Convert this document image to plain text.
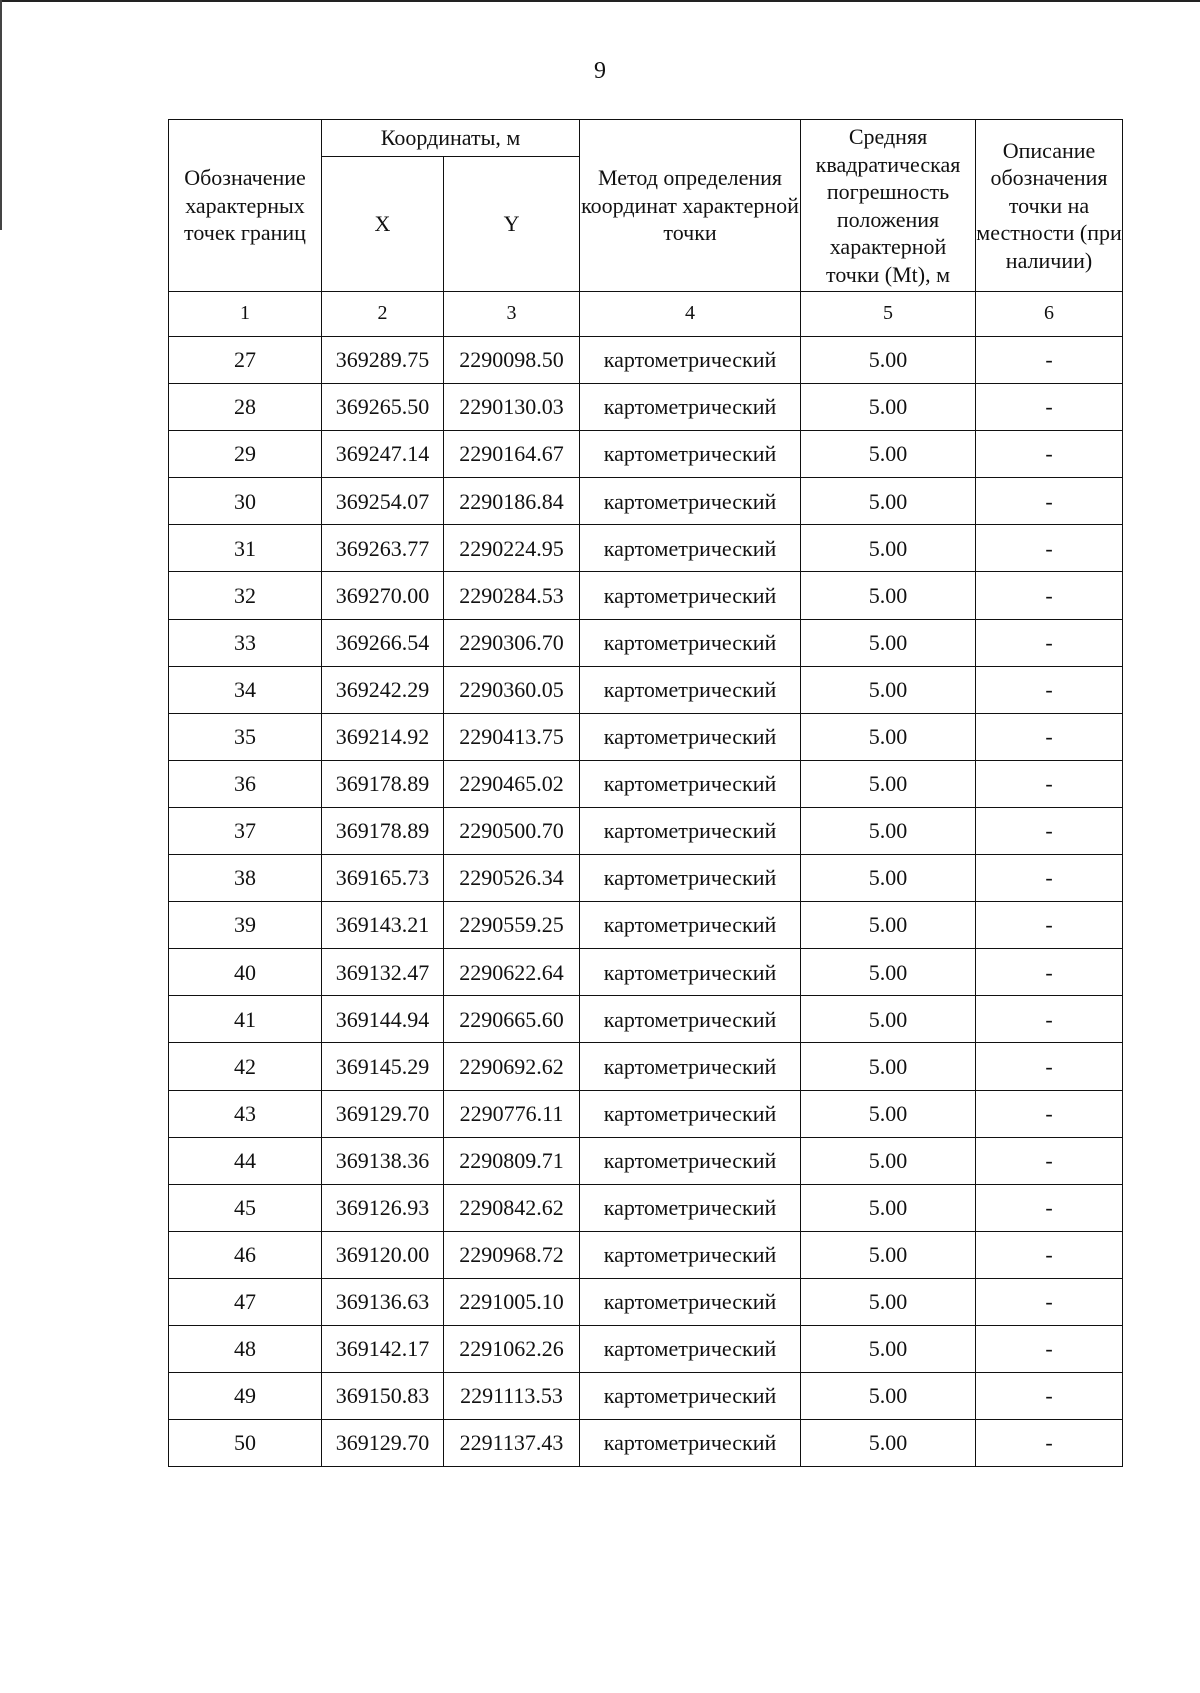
9
Обозначение характерных точек границ	Координаты, м		Метод определения координат характерной точки	Средняя квадратическая погрешность положения характерной точки (Mt), м	Описание обозначения точки на местности (при наличии)
	X	Y			
1	2	3	4	5	6
27	369289.75	2290098.50	картометрический	5.00	-
28	369265.50	2290130.03	картометрический	5.00	-
29	369247.14	2290164.67	картометрический	5.00	-
30	369254.07	2290186.84	картометрический	5.00	-
31	369263.77	2290224.95	картометрический	5.00	-
32	369270.00	2290284.53	картометрический	5.00	-
33	369266.54	2290306.70	картометрический	5.00	-
34	369242.29	2290360.05	картометрический	5.00	-
35	369214.92	2290413.75	картометрический	5.00	-
36	369178.89	2290465.02	картометрический	5.00	-
37	369178.89	2290500.70	картометрический	5.00	-
38	369165.73	2290526.34	картометрический	5.00	-
39	369143.21	2290559.25	картометрический	5.00	-
40	369132.47	2290622.64	картометрический	5.00	-
41	369144.94	2290665.60	картометрический	5.00	-
42	369145.29	2290692.62	картометрический	5.00	-
43	369129.70	2290776.11	картометрический	5.00	-
44	369138.36	2290809.71	картометрический	5.00	-
45	369126.93	2290842.62	картометрический	5.00	-
46	369120.00	2290968.72	картометрический	5.00	-
47	369136.63	2291005.10	картометрический	5.00	-
48	369142.17	2291062.26	картометрический	5.00	-
49	369150.83	2291113.53	картометрический	5.00	-
50	369129.70	2291137.43	картометрический	5.00	-
